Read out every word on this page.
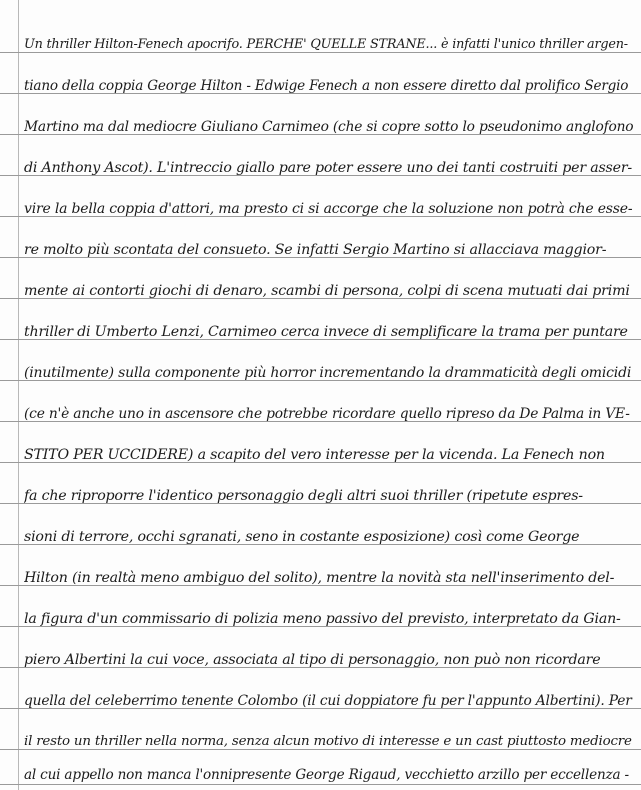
Un thriller Hilton-Fenech apocrifo. PERCHE' QUELLE STRANE... è infatti l'unico thriller argen-
tiano della coppia George Hilton - Edwige Fenech a non essere diretto dal prolifico Sergio
Martino ma dal mediocre Giuliano Carnimeo (che si copre sotto lo pseudonimo anglofono
di Anthony Ascot). L'intreccio giallo pare poter essere uno dei tanti costruiti per asser-
vire la bella coppia d'attori, ma presto ci si accorge che la soluzione non potrà che esse-
re molto più scontata del consueto. Se infatti Sergio Martino si allacciava maggior-
mente ai contorti giochi di denaro, scambi di persona, colpi di scena mutuati dai primi
thriller di Umberto Lenzi, Carnimeo cerca invece di semplificare la trama per puntare
(inutilmente) sulla componente più horror incrementando la drammaticità degli omicidi
(ce n'è anche uno in ascensore che potrebbe ricordare quello ripreso da De Palma in VE-
STITO PER UCCIDERE) a scapito del vero interesse per la vicenda. La Fenech non
fa che riproporre l'identico personaggio degli altri suoi thriller (ripetute espres-
sioni di terrore, occhi sgranati, seno in costante esposizione) così come George
Hilton (in realtà meno ambiguo del solito), mentre la novità sta nell'inserimento del-
la figura d'un commissario di polizia meno passivo del previsto, interpretato da Gian-
piero Albertini la cui voce, associata al tipo di personaggio, non può non ricordare
quella del celeberrimo tenente Colombo (il cui doppiatore fu per l'appunto Albertini). Per
il resto un thriller nella norma, senza alcun motivo di interesse e un cast piuttosto mediocre
al cui appello non manca l'onnipresente George Rigaud, vecchietto arzillo per eccellenza -
